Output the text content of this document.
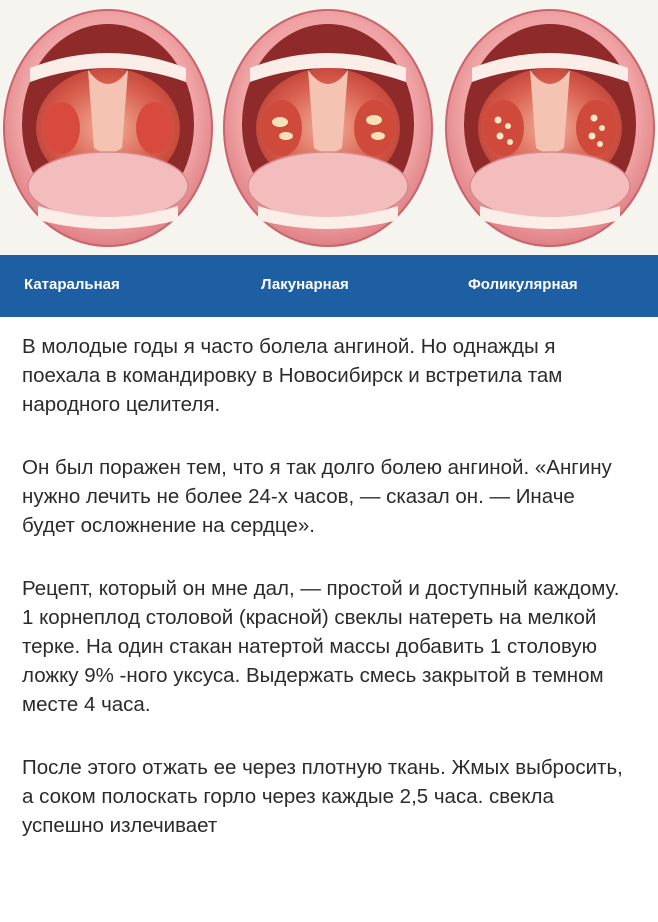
Катаральная	Лакунарная	Фоликулярная

В молодые годы я часто болела ангиной. Но однажды я поехала в командировку в Новосибирск и встретила там народного целителя.

Он был поражен тем, что я так долго болею ангиной. «Ангину нужно лечить не более 24-х часов, — сказал он. — Иначе будет осложнение на сердце».

Рецепт, который он мне дал, — простой и доступный каждому. 1 корнеплод столовой (красной) свеклы натереть на мелкой терке. На один стакан натертой массы добавить 1 столовую ложку 9% -ного уксуса. Выдержать смесь закрытой в темном месте 4 часа.

После этого отжать ее через плотную ткань. Жмых выбросить, а соком полоскать горло через каждые 2,5 часа. свекла успешно излечивает
